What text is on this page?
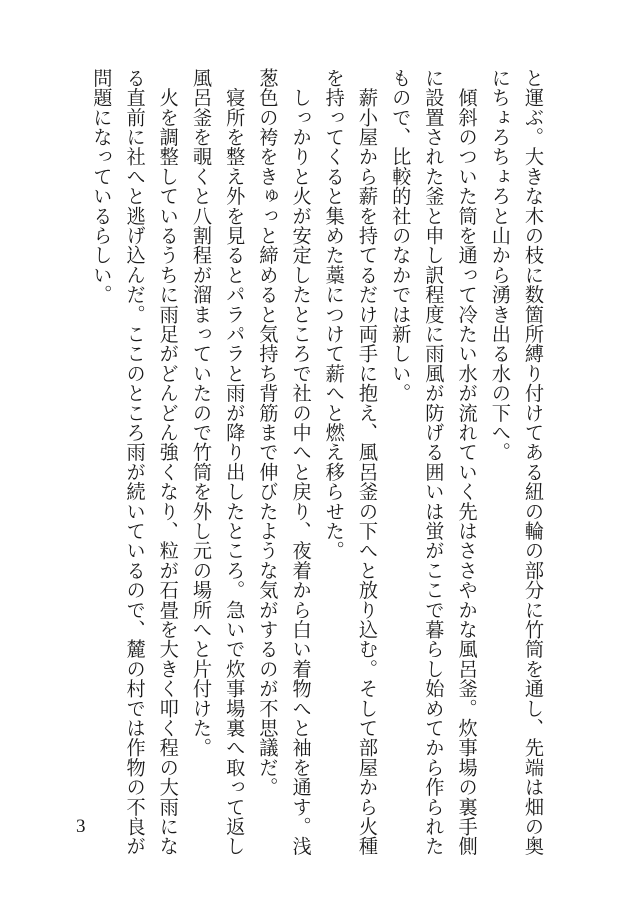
と運ぶ。大きな木の枝に数箇所縛り付けてある紐の輪の部分に竹筒を通し、先端は畑の奥
にちょろちょろと山から湧き出る水の下へ。
　傾斜のついた筒を通って冷たい水が流れていく先はささやかな風呂釜。炊事場の裏手側
に設置された釜と申し訳程度に雨風が防げる囲いは蛍がここで暮らし始めてから作られた
もので、比較的社のなかでは新しい。
　薪小屋から薪を持てるだけ両手に抱え、風呂釜の下へと放り込む。そして部屋から火種
を持ってくると集めた藁につけて薪へと燃え移らせた。
　しっかりと火が安定したところで社の中へと戻り、夜着から白い着物へと袖を通す。浅
葱色の袴をきゅっと締めると気持ち背筋まで伸びたような気がするのが不思議だ。
　寝所を整え外を見るとパラパラと雨が降り出したところ。急いで炊事場裏へ取って返し
風呂釜を覗くと八割程が溜まっていたので竹筒を外し元の場所へと片付けた。
　火を調整しているうちに雨足がどんどん強くなり、粒が石畳を大きく叩く程の大雨にな
る直前に社へと逃げ込んだ。ここのところ雨が続いているので、麓の村では作物の不良が
問題になっているらしい。
3
